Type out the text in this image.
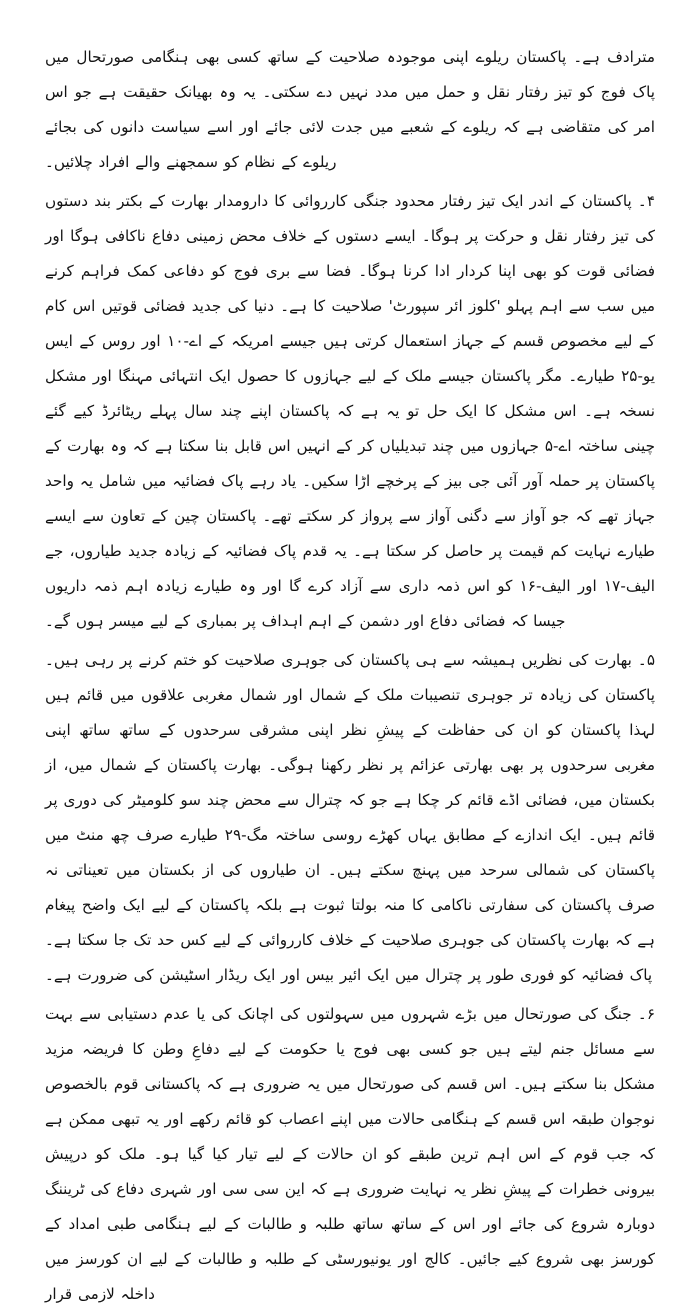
مترادف ہے۔ پاکستان ریلوے اپنی موجودہ صلاحیت کے ساتھ کسی بھی ہنگامی صورتحال میں پاک فوج کو تیز رفتار نقل و حمل میں مدد نہیں دے سکتی۔ یہ وہ بھیانک حقیقت ہے جو اس امر کی متقاضی ہے کہ ریلوے کے شعبے میں جدت لائی جائے اور اسے سیاست دانوں کی بجائے ریلوے کے نظام کو سمجھنے والے افراد چلائیں۔

۴۔ پاکستان کے اندر ایک تیز رفتار محدود جنگی کارروائی کا دارومدار بھارت کے بکتر بند دستوں کی تیز رفتار نقل و حرکت پر ہوگا۔ ایسے دستوں کے خلاف محض زمینی دفاع ناکافی ہوگا اور فضائی قوت کو بھی اپنا کردار ادا کرنا ہوگا۔ فضا سے بری فوج کو دفاعی کمک فراہم کرنے میں سب سے اہم پہلو 'کلوز ائر سپورٹ' صلاحیت کا ہے۔ دنیا کی جدید فضائی قوتیں اس کام کے لیے مخصوص قسم کے جہاز استعمال کرتی ہیں جیسے امریکہ کے اے-۱۰ اور روس کے ایس یو-۲۵ طیارے۔ مگر پاکستان جیسے ملک کے لیے جہازوں کا حصول ایک انتہائی مہنگا اور مشکل نسخہ ہے۔ اس مشکل کا ایک حل تو یہ ہے کہ پاکستان اپنے چند سال پہلے ریٹائرڈ کیے گئے چینی ساختہ اے-۵ جہازوں میں چند تبدیلیاں کر کے انہیں اس قابل بنا سکتا ہے کہ وہ بھارت کے پاکستان پر حملہ آور آئی جی بیز کے پرخچے اڑا سکیں۔ یاد رہے پاک فضائیہ میں شامل یہ واحد جہاز تھے کہ جو آواز سے دگنی آواز سے پرواز کر سکتے تھے۔ پاکستان چین کے تعاون سے ایسے طیارے نہایت کم قیمت پر حاصل کر سکتا ہے۔ یہ قدم پاک فضائیہ کے زیادہ جدید طیاروں، جے الیف-۱۷ اور الیف-۱۶ کو اس ذمہ داری سے آزاد کرے گا اور وہ طیارے زیادہ اہم ذمہ داریوں جیسا کہ فضائی دفاع اور دشمن کے اہم اہداف پر بمباری کے لیے میسر ہوں گے۔

۵۔ بھارت کی نظریں ہمیشہ سے ہی پاکستان کی جوہری صلاحیت کو ختم کرنے پر رہی ہیں۔ پاکستان کی زیادہ تر جوہری تنصیبات ملک کے شمال اور شمال مغربی علاقوں میں قائم ہیں لہذا پاکستان کو ان کی حفاظت کے پیشِ نظر اپنی مشرقی سرحدوں کے ساتھ ساتھ اپنی مغربی سرحدوں پر بھی بھارتی عزائم پر نظر رکھنا ہوگی۔ بھارت پاکستان کے شمال میں، از بکستان میں، فضائی اڈے قائم کر چکا ہے جو کہ چترال سے محض چند سو کلومیٹر کی دوری پر قائم ہیں۔ ایک اندازے کے مطابق یہاں کھڑے روسی ساختہ مگ-۲۹ طیارے صرف چھ منٹ میں پاکستان کی شمالی سرحد میں پہنچ سکتے ہیں۔ ان طیاروں کی از بکستان میں تعیناتی نہ صرف پاکستان کی سفارتی ناکامی کا منہ بولتا ثبوت ہے بلکہ پاکستان کے لیے ایک واضح پیغام ہے کہ بھارت پاکستان کی جوہری صلاحیت کے خلاف کارروائی کے لیے کس حد تک جا سکتا ہے۔ پاک فضائیہ کو فوری طور پر چترال میں ایک ائیر بیس اور ایک ریڈار اسٹیشن کی ضرورت ہے۔

۶۔ جنگ کی صورتحال میں بڑے شہروں میں سہولتوں کی اچانک کی یا عدم دستیابی سے بہت سے مسائل جنم لیتے ہیں جو کسی بھی فوج یا حکومت کے لیے دفاعِ وطن کا فریضہ مزید مشکل بنا سکتے ہیں۔ اس قسم کی صورتحال میں یہ ضروری ہے کہ پاکستانی قوم بالخصوص نوجوان طبقہ اس قسم کے ہنگامی حالات میں اپنے اعصاب کو قائم رکھے اور یہ تبھی ممکن ہے کہ جب قوم کے اس اہم ترین طبقے کو ان حالات کے لیے تیار کیا گیا ہو۔ ملک کو درپیش بیرونی خطرات کے پیشِ نظر یہ نہایت ضروری ہے کہ این سی سی اور شہری دفاع کی ٹریننگ دوبارہ شروع کی جائے اور اس کے ساتھ ساتھ طلبہ و طالبات کے لیے ہنگامی طبی امداد کے کورسز بھی شروع کیے جائیں۔ کالج اور یونیورسٹی کے طلبہ و طالبات کے لیے ان کورسز میں داخلہ لازمی قرار
